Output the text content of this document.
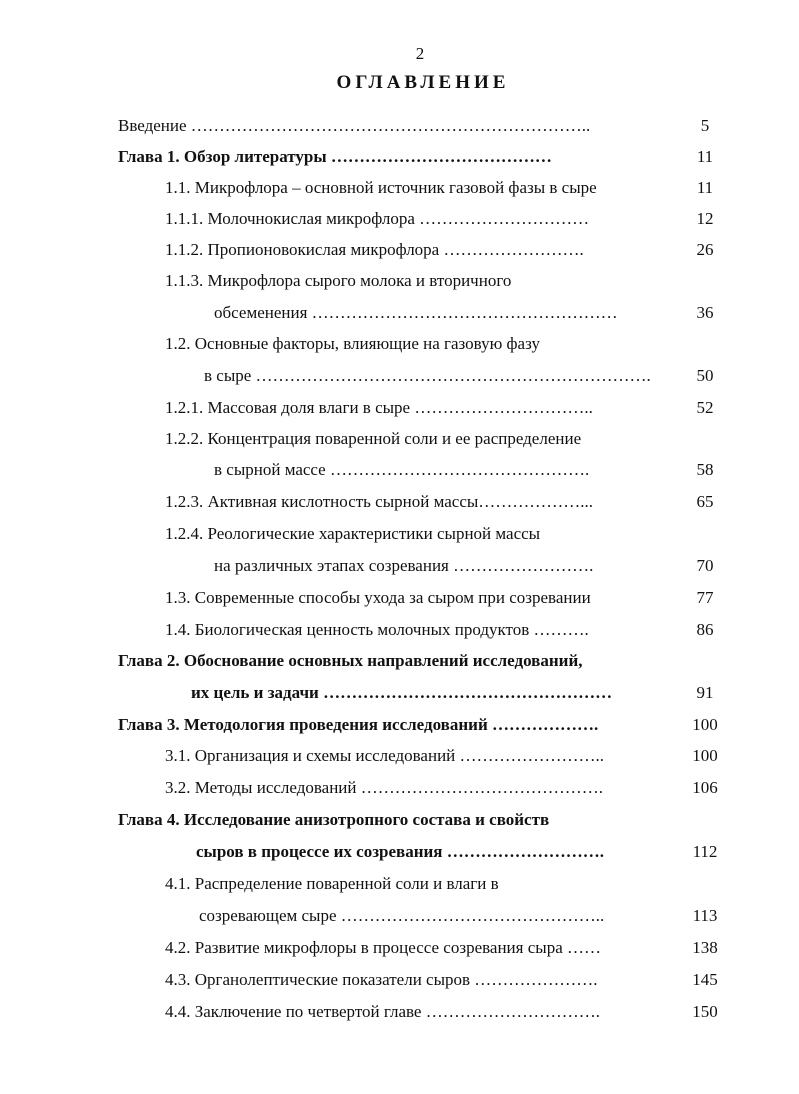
2
ОГЛАВЛЕНИЕ
Введение ……………………………………………………………..
Глава 1. Обзор литературы …………………………………
1.1. Микрофлора – основной источник газовой фазы в сыре
1.1.1. Молочнокислая микрофлора …………………………
1.1.2. Пропионовокислая микрофлора …………………….
1.1.3. Микрофлора сырого молока и вторичного
обсеменения ………………………………………………
1.2. Основные факторы, влияющие на газовую фазу
в сыре …………………………………………………………….
1.2.1. Массовая доля влаги в сыре …………………………..
1.2.2. Концентрация поваренной соли и ее распределение
в сырной массе ……………………………………….
1.2.3. Активная кислотность сырной массы………………...
1.2.4. Реологические характеристики сырной массы
на различных этапах созревания …………………….
1.3. Современные способы ухода за сыром при созревании
1.4. Биологическая ценность молочных продуктов ……….
Глава 2. Обоснование основных направлений исследований,
их цель и задачи ……………………………………………
Глава 3. Методология проведения исследований ……………….
3.1. Организация и схемы исследований ……………………..
3.2. Методы исследований …………………………………….
Глава 4. Исследование анизотропного состава и свойств
сыров в процессе их созревания ……………………….
4.1. Распределение поваренной соли и влаги в
созревающем сыре ………………………………………..
4.2. Развитие микрофлоры в процессе созревания сыра ……
4.3. Органолептические показатели сыров ………………….
4.4. Заключение по четвертой главе ………………………….
5
11
11
12
26
36
50
52
58
65
70
77
86
91
100
100
106
112
113
138
145
150
